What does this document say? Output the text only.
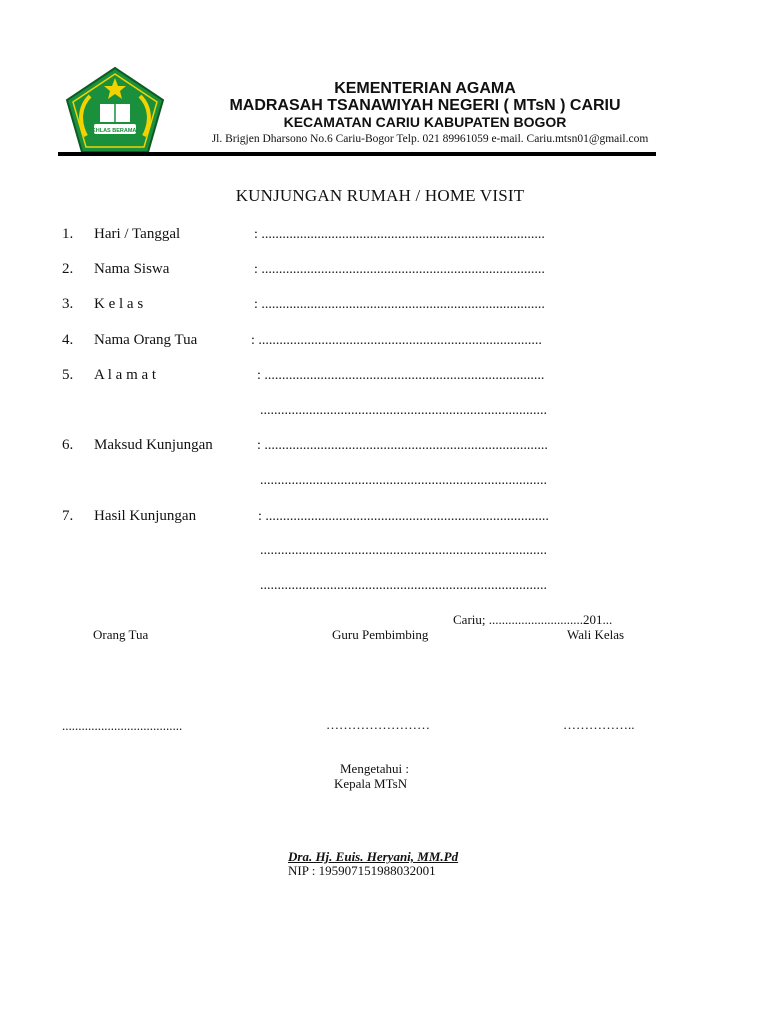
IKHLAS BERAMAL
KEMENTERIAN AGAMA
MADRASAH TSANAWIYAH NEGERI ( MTsN ) CARIU
KECAMATAN CARIU KABUPATEN BOGOR
Jl. Brigjen Dharsono No.6 Cariu-Bogor Telp. 021 89961059 e-mail. Cariu.mtsn01@gmail.com
KUNJUNGAN RUMAH / HOME VISIT
1. Hari / Tanggal	: .................................................................................
2. Nama Siswa	: .................................................................................
3. K e l a s	: .................................................................................
4. Nama Orang Tua	: .................................................................................
5. A l a m a t	: ................................................................................
..................................................................................
6. Maksud Kunjungan	: .................................................................................
..................................................................................
7. Hasil Kunjungan	: .................................................................................
..................................................................................
..................................................................................
Cariu; .............................201...
Orang Tua	Guru Pembimbing	Wali Kelas
.....................................	……………………	……………..
Mengetahui :
Kepala MTsN
Dra. Hj. Euis. Heryani, MM.Pd
NIP : 195907151988032001
